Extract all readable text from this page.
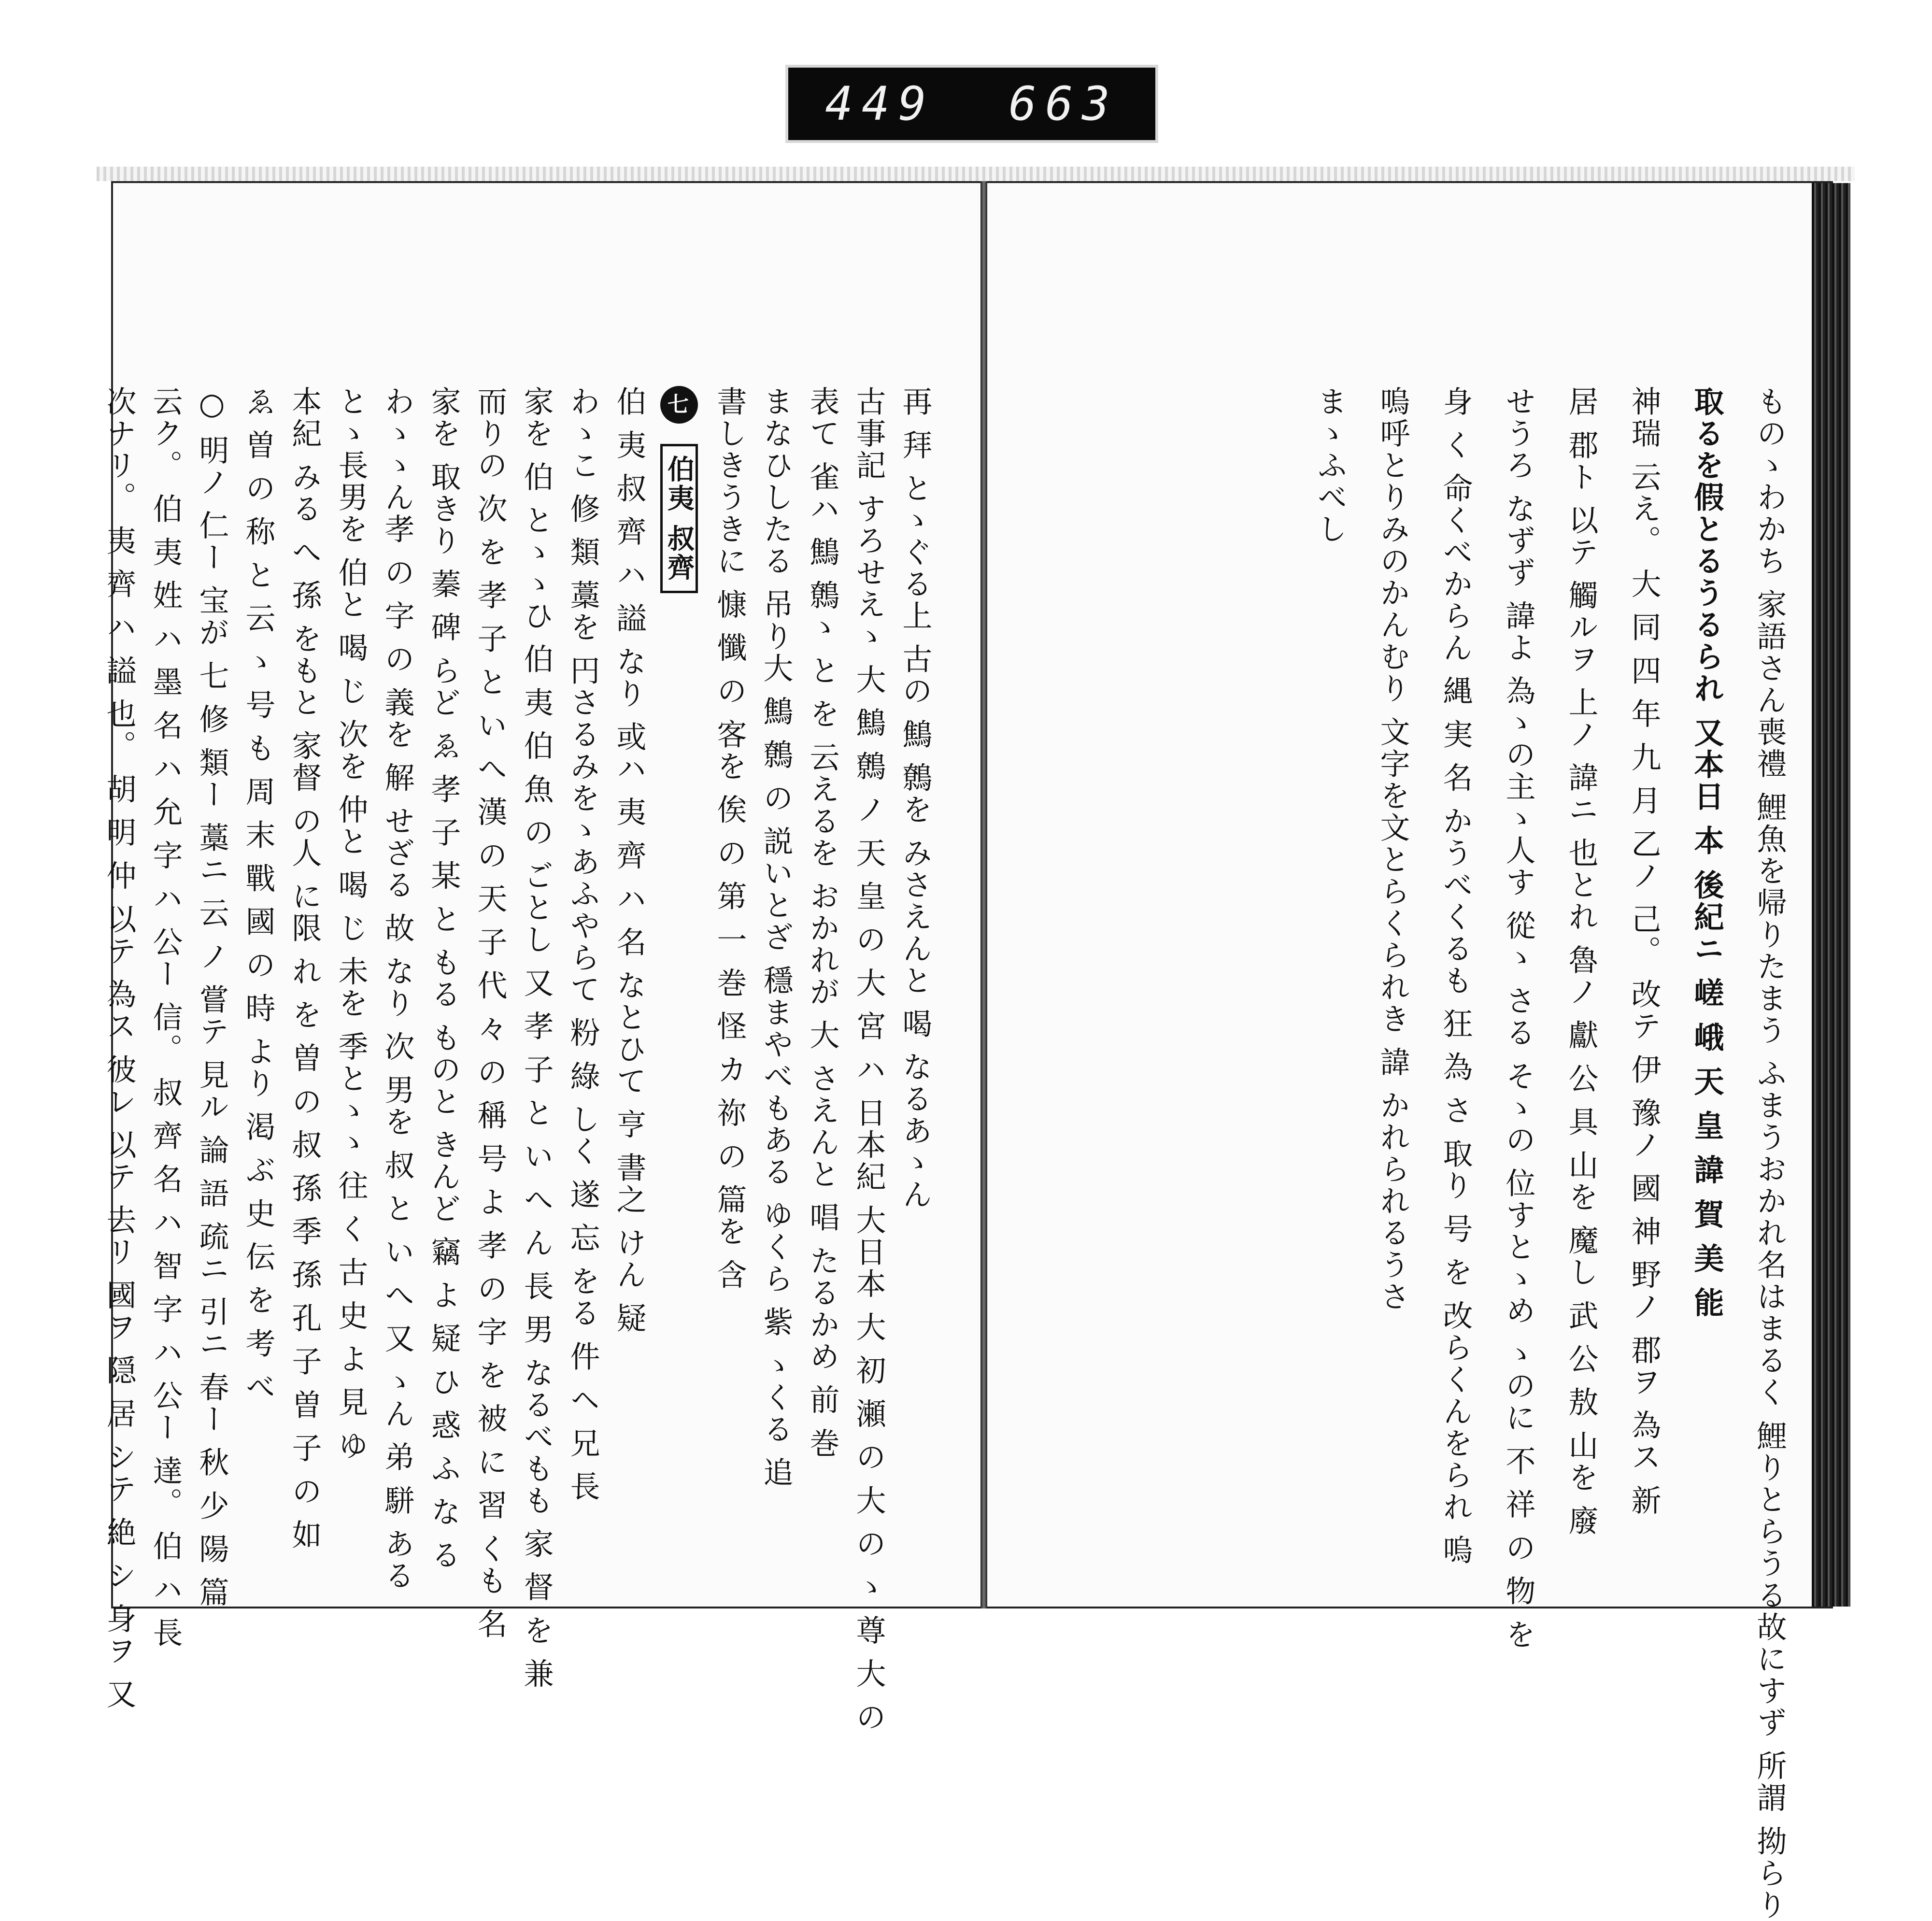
449 663
再 拜 とゝぐる上 古の 鷦 鷯を みさえんと 喝 なるあゝん
古事記 すろせえゝ 大 鷦 鷯 ノ 天 皇 の 大 宮 ハ 日本紀 大日本 大 初 瀬 の 大 の ゝ 尊 大 の
表て 雀ハ 鷦 鷯ゝ と を 云えるを おかれが 大 さえんと 唱 たるかめ 前 巻
まなひしたる 吊り大 鷦 鷯 の 説いとざ 穩まやべもある ゆくら 紫 ゝくる 追
書しきうきに 慷 懺 の 客を 俟 の 第 一 巻 怪 カ 祢 の 篇を 含
七 伯夷 叔齊
伯 夷 叔 齊 ハ 謚 なり 或ハ 夷 齊 ハ 名 なとひて 亨 書之 けん 疑
わゝこ 修 類 藁を 円さるみをゝあふやらて 粉 綠 しく 遂 忘 をる 件 ヘ 兄 長
家を 伯 とゝゝひ 伯 夷 伯 魚 の ごとし 又 孝 子 と い へ ん 長 男 なるべもも 家 督 を 兼
而りの 次 を 孝 子 と い へ 漢 の 天 子 代 々 の 稱 号 よ 孝 の 字 を 被 に 習 くも 名
家を 取きり 蓁 碑 らど ゑ 孝 子 某 と もる ものと きんど 竊 よ 疑 ひ 惑 ふ な る
わゝゝん孝 の 字 の 義を 解 せざる 故 なり 次 男を 叔 と い へ 又 ゝん 弟 駢 ある
とゝ長男を 伯と 喝 じ 次を 仲と 喝 じ 未を 季とゝゝ 往 く 古 史 よ 見 ゆ
本紀 みる へ 孫 をもと 家督 の人 に限 れ を 曽 の 叔 孫 季 孫 孔 子 曽 子 の 如
ゑ 曽 の 称 と 云 ゝ 号 も 周 末 戰 國 の 時 より 渇 ぶ 史 伝 を 考 べ
○ 明ノ 仁ー 宝が 七 修 類ー 藁ニ 云 ノ 嘗テ 見ル 論 語 疏ニ 引ニ 春ー 秋 少 陽 篇
云ク。 伯 夷 姓 ハ 墨 名 ハ 允 字 ハ 公ー 信。 叔 齊 名 ハ 智 字 ハ 公ー 達。 伯 ハ 長
次ナリ。 夷 齊 ハ 謚 也。 胡 明 仲 以テ 為ス 彼レ 以テ 去リ 國ヲ 隠 居 シテ 絶 シ 身ヲ 又	ものゝわかち 家語さん喪禮 鯉魚を帰りたまう ふまうおかれ名はまるく 鯉りとらうる故にすず 所謂 拗らり
取るを假とるうるられ 又本日 本 後紀ニ 嵯 峨 天 皇 諱 賀 美 能
神瑞 云え。 大 同 四 年 九 月 乙ノ 己。 改テ 伊 豫ノ 國 神 野ノ 郡ヲ 為ス 新
居 郡ト 以テ 觸ルヲ 上ノ 諱ニ 也とれ 魯ノ 獻 公 具 山を 魔し 武 公 敖 山を 廢
せうろ なずず 諱よ 為ゝの主ゝ人す 從ゝ さる そゝの 位すとゝめ ゝのに 不 祥 の 物 を
身 く 命くべからん 縄 実 名 かうべくるも 狂 為 さ 取り 号 を 改らくんをられ 嗚
嗚呼とりみのかんむり 文字を文とらくられき 諱 かれられるうさ
まゝふべし
